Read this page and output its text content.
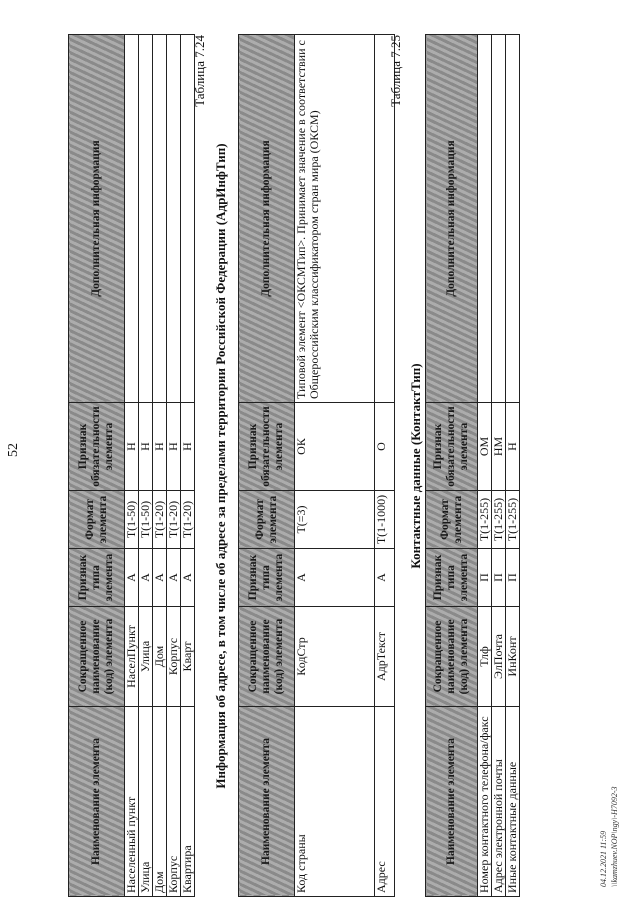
52
Наименование элемента	Сокращенное наименование (код) элемента	Признак типа элемента	Формат элемента	Признак обязательности элемента	Дополнительная информация
Населенный пункт	НаселПункт	А	T(1-50)	Н	
Улица	Улица	А	T(1-50)	Н	
Дом	Дом	А	T(1-20)	Н	
Корпус	Корпус	А	T(1-20)	Н	
Квартира	Кварт	А	T(1-20)	Н	
Таблица 7.24
Информация об адресе, в том числе об адресе за пределами территории Российской Федерации (АдрИнфТип)
Наименование элемента	Сокращенное наименование (код) элемента	Признак типа элемента	Формат элемента	Признак обязательности элемента	Дополнительная информация
Код страны	КодСтр	А	T(=3)	ОК	Типовой элемент <ОКСМТип>. Принимает значение в соответствии с Общероссийским классификатором стран мира (ОКСМ)
Адрес	АдрТекст	А	T(1-1000)	О	
Таблица 7.25
Контактные данные (КонтактТип)
Наименование элемента	Сокращенное наименование (код) элемента	Признак типа элемента	Формат элемента	Признак обязательности элемента	Дополнительная информация
Номер контактного телефона/факс	Тлф	П	T(1-255)	ОМ	
Адрес электронной почты	ЭлПочта	П	T(1-255)	НМ	
Иные контактные данные	ИнКонт	П	T(1-255)	Н	
04.12.2021 11:59 \\kamzhuev.NOP\ngy\-H7092-3
